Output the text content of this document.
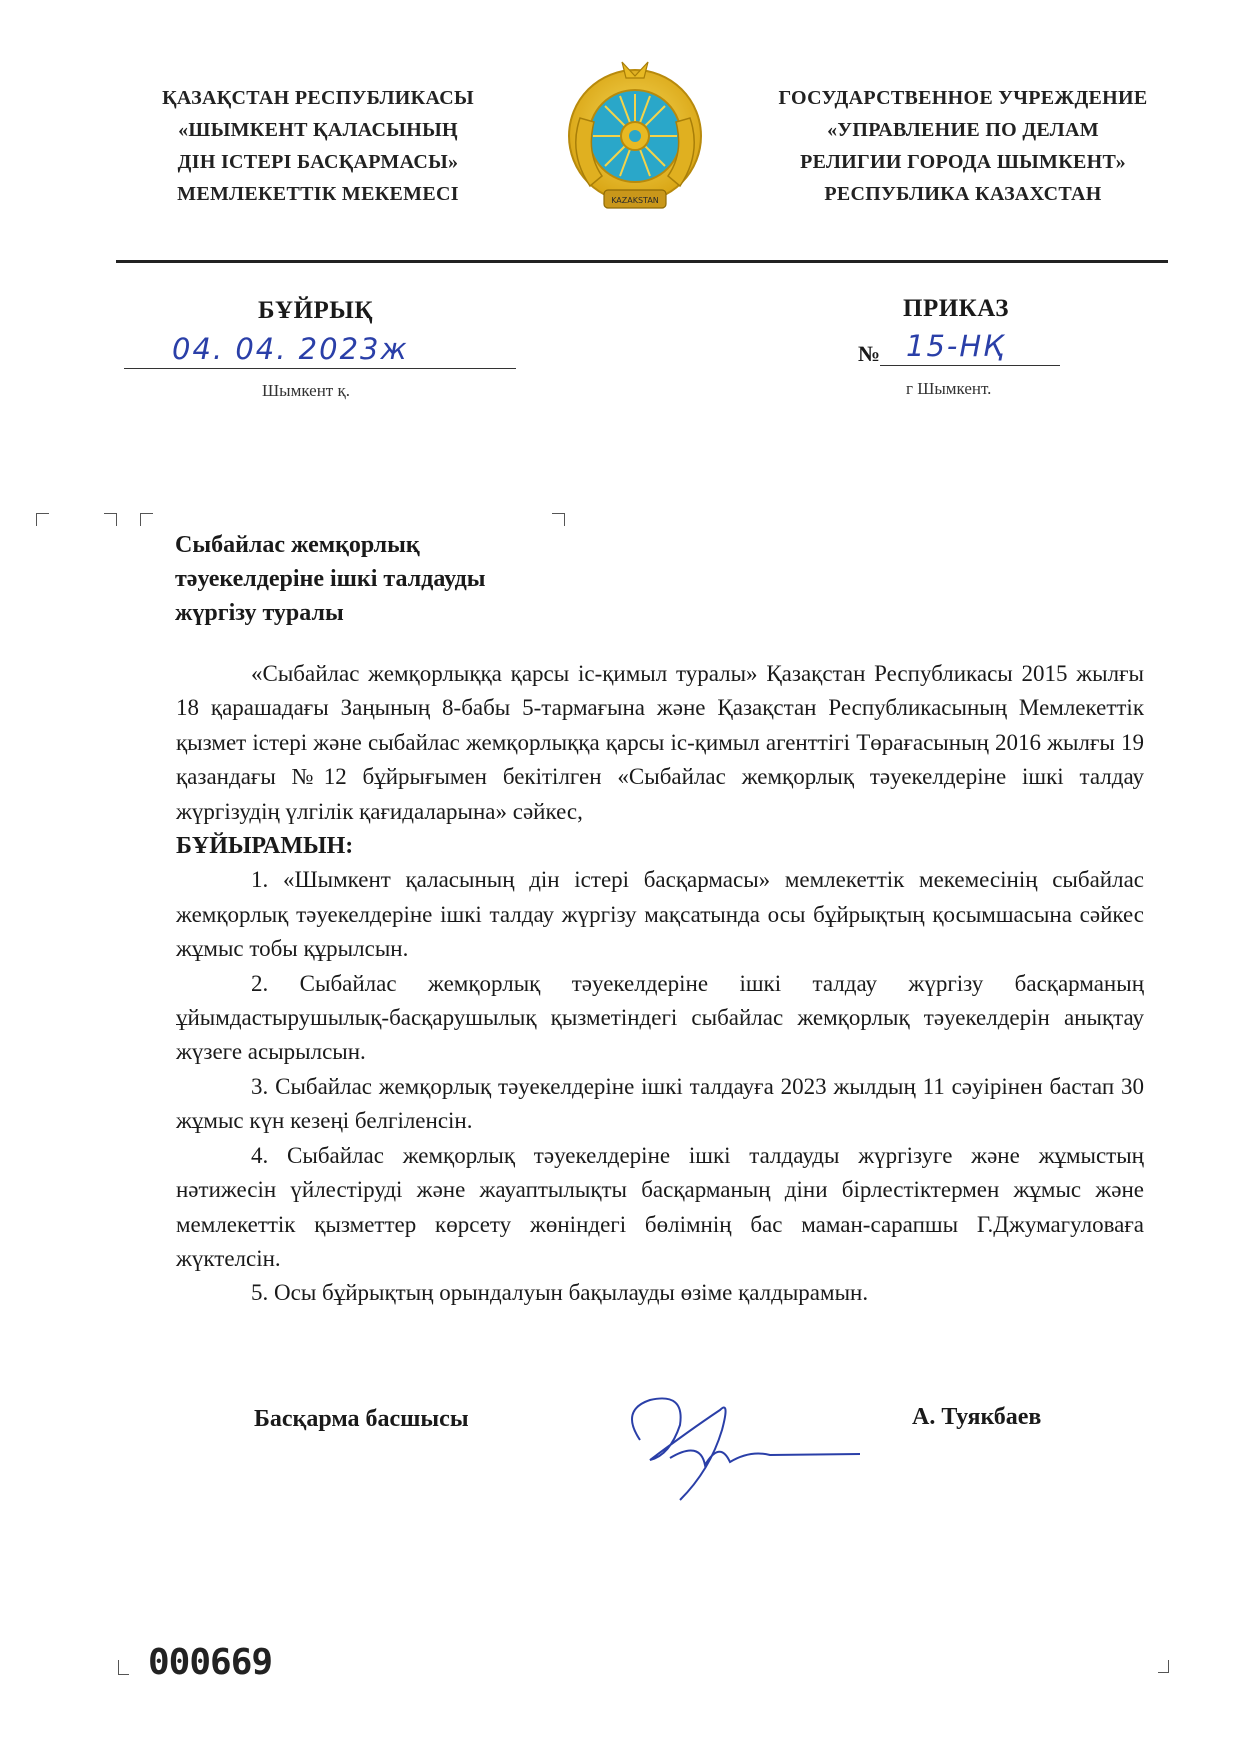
ҚАЗАҚСТАН РЕСПУБЛИКАСЫ
«ШЫМКЕНТ ҚАЛАСЫНЫҢ
ДІН ІСТЕРІ БАСҚАРМАСЫ»
МЕМЛЕКЕТТІК МЕКЕМЕСІ	KAZAKSTAN
ГОСУДАРСТВЕННОЕ УЧРЕЖДЕНИЕ
«УПРАВЛЕНИЕ ПО ДЕЛАМ
РЕЛИГИИ ГОРОДА ШЫМКЕНТ»
РЕСПУБЛИКА КАЗАХСТАН
БҰЙРЫҚ	ПРИКАЗ
04. 04. 2023ж	№ 15-НҚ
Шымкент қ.	г Шымкент.
Сыбайлас жемқорлық
тәуекелдеріне ішкі талдауды
жүргізу туралы

«Сыбайлас жемқорлыққа қарсы іс-қимыл туралы» Қазақстан Республикасы 2015 жылғы 18 қарашадағы Заңының 8-бабы 5-тармағына және Қазақстан Республикасының Мемлекеттік қызмет істері және сыбайлас жемқорлыққа қарсы іс-қимыл агенттігі Төрағасының 2016 жылғы 19 қазандағы №12 бұйрығымен бекітілген «Сыбайлас жемқорлық тәуекелдеріне ішкі талдау жүргізудің үлгілік қағидаларына» сәйкес,

БҰЙЫРАМЫН:

1. «Шымкент қаласының дін істері басқармасы» мемлекеттік мекемесінің сыбайлас жемқорлық тәуекелдеріне ішкі талдау жүргізу мақсатында осы бұйрықтың қосымшасына сәйкес жұмыс тобы құрылсын.

2. Сыбайлас жемқорлық тәуекелдеріне ішкі талдау жүргізу басқарманың ұйымдастырушылық-басқарушылық қызметіндегі сыбайлас жемқорлық тәуекелдерін анықтау жүзеге асырылсын.

3. Сыбайлас жемқорлық тәуекелдеріне ішкі талдауға 2023 жылдың 11 сәуірінен бастап 30 жұмыс күн кезеңі белгіленсін.

4. Сыбайлас жемқорлық тәуекелдеріне ішкі талдауды жүргізуге және жұмыстың нәтижесін үйлестіруді және жауаптылықты басқарманың діни бірлестіктермен жұмыс және мемлекеттік қызметтер көрсету жөніндегі бөлімнің бас маман-сарапшы Г.Джумагуловаға жүктелсін.

5. Осы бұйрықтың орындалуын бақылауды өзіме қалдырамын.

Басқарма басшысы	А. Туякбаев
000669
